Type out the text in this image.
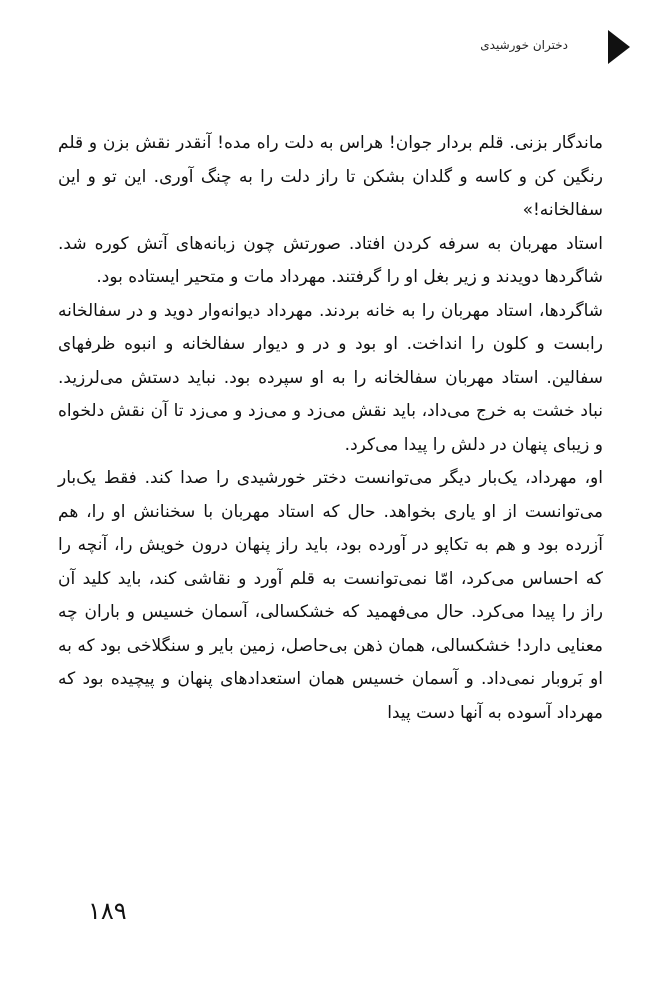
دختران خورشیدی

ماندگار بزنی. قلم بردار جوان! هراس به دلت راه مده! آنقدر نقش بزن و قلم رنگین کن و کاسه و گلدان بشکن تا راز دلت را به چنگ آوری. این تو و این سفالخانه!»

استاد مهربان به سرفه کردن افتاد. صورتش چون زبانه‌های آتش کوره شد. شاگردها دویدند و زیر بغل او را گرفتند. مهرداد مات و متحیر ایستاده بود.

شاگردها، استاد مهربان را به خانه بردند. مهرداد دیوانه‌وار دوید و در سفالخانه رابست و کلون را انداخت. او بود و در و دیوار سفالخانه و انبوه ظرفهای سفالین. استاد مهربان سفالخانه را به او سپرده بود. نباید دستش می‌لرزید. نباد خشت به خرج می‌داد، باید نقش می‌زد و می‌زد و می‌زد تا آن نقش دلخواه و زیبای پنهان در دلش را پیدا می‌کرد.

او، مهرداد، یک‌بار دیگر می‌توانست دختر خورشیدی را صدا کند. فقط یک‌بار می‌توانست از او یاری بخواهد. حال که استاد مهربان با سخنانش او را، هم آزرده بود و هم به تکاپو در آورده بود، باید راز پنهان درون خویش را، آنچه را که احساس می‌کرد، امّا نمی‌توانست به قلم آورد و نقاشی کند، باید کلید آن راز را پیدا می‌کرد. حال می‌فهمید که خشکسالی، آسمان خسیس و باران چه معنایی دارد! خشکسالی، همان ذهن بی‌حاصل، زمین بایر و سنگلاخی بود که به او بَروبار نمی‌داد. و آسمان خسیس همان استعدادهای پنهان و پیچیده بود که مهرداد آسوده به آنها دست پیدا

۱۸۹
